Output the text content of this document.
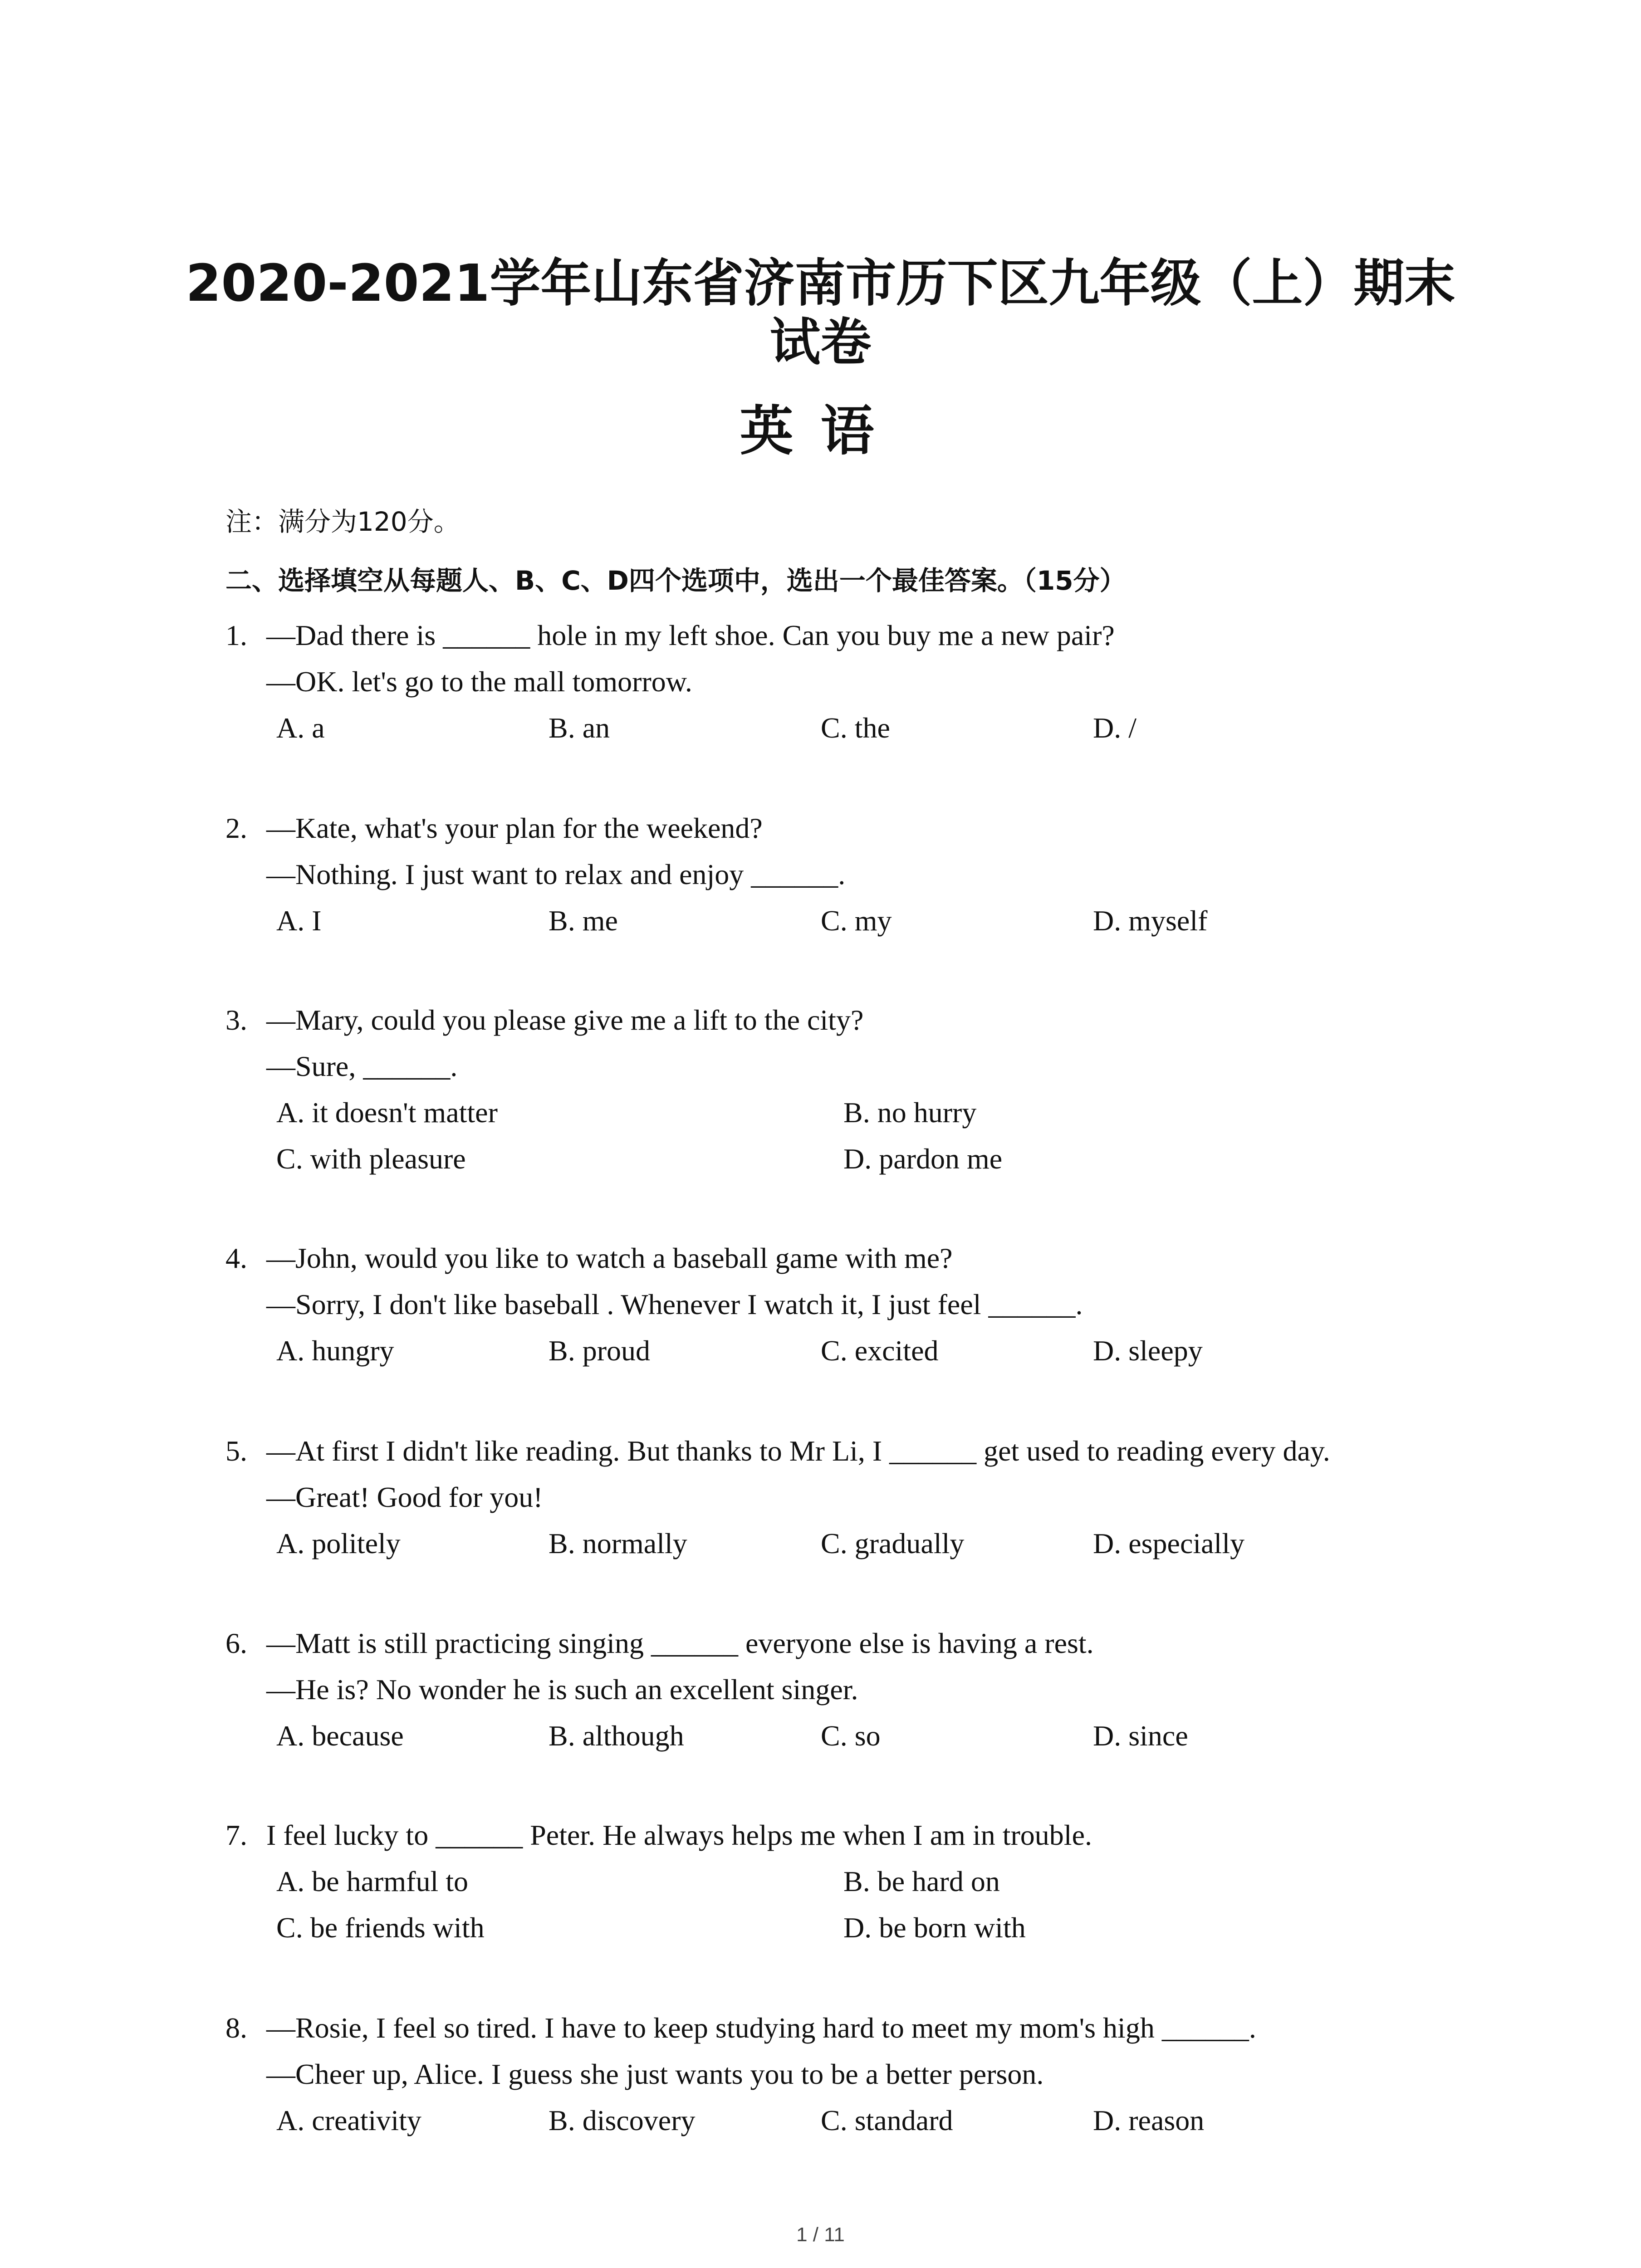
2020-2021学年山东省济南市历下区九年级（上）期末
试卷
英语
注：满分为120分。
二、选择填空从每题人、B、C、D四个选项中，选出一个最佳答案。（15分）
1. —Dad there is ______ hole in my left shoe. Can you buy me a new pair?
—OK. let's go to the mall tomorrow.
A. a	B. an	C. the	D. /
2. —Kate, what's your plan for the weekend?
—Nothing. I just want to relax and enjoy ______.
A. I	B. me	C. my	D. myself
3. —Mary, could you please give me a lift to the city?
—Sure, ______.
A. it doesn't matter	B. no hurry
C. with pleasure	D. pardon me
4. —John, would you like to watch a baseball game with me?
—Sorry, I don't like baseball . Whenever I watch it, I just feel ______.
A. hungry	B. proud	C. excited	D. sleepy
5. —At first I didn't like reading. But thanks to Mr Li, I ______ get used to reading every day.
—Great! Good for you!
A. politely	B. normally	C. gradually	D. especially
6. —Matt is still practicing singing ______ everyone else is having a rest.
—He is? No wonder he is such an excellent singer.
A. because	B. although	C. so	D. since
7. I feel lucky to ______ Peter. He always helps me when I am in trouble.
A. be harmful to	B. be hard on
C. be friends with	D. be born with
8. —Rosie, I feel so tired. I have to keep studying hard to meet my mom's high ______.
—Cheer up, Alice. I guess she just wants you to be a better person.
A. creativity	B. discovery	C. standard	D. reason
1 / 11
